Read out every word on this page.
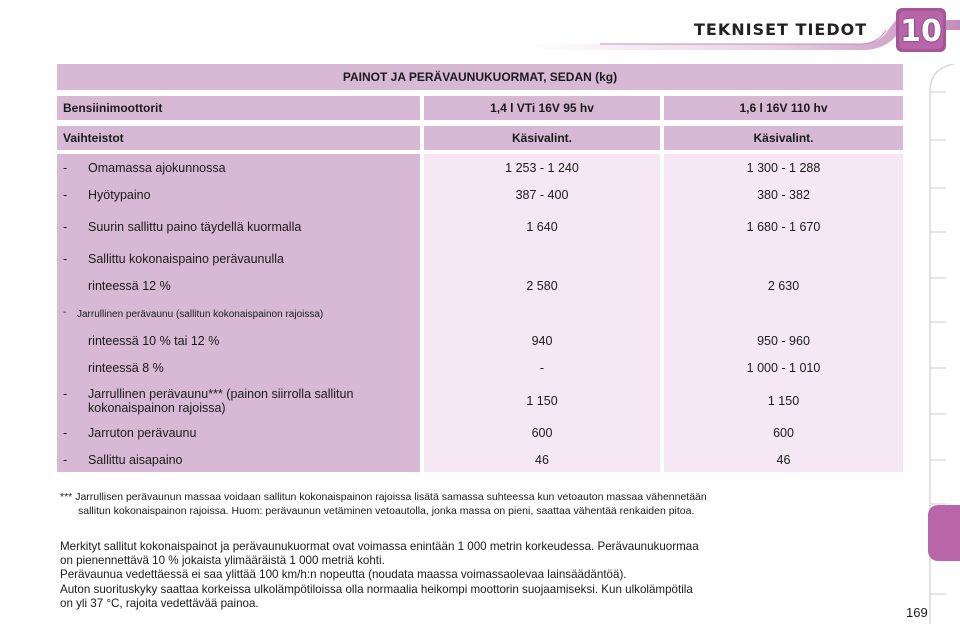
TEKNISET TIEDOT 10
PAINOT JA PERÄVAUNUKUORMAT, SEDAN (kg)
Bensiinimoottorit	1,4 l VTi 16V 95 hv	1,6 l 16V 110 hv
Vaihteistot	Käsivalint.	Käsivalint.
- Omamassa ajokunnossa	1 253 - 1 240	1 300 - 1 288
- Hyötypaino	387 - 400	380 - 382
- Suurin sallittu paino täydellä kuormalla	1 640	1 680 - 1 670
- Sallittu kokonaispaino perävaunulla
rinteessä 12 %	2 580	2 630
- Jarrullinen perävaunu (sallitun kokonaispainon rajoissa)
rinteessä 10 % tai 12 %	940	950 - 960
rinteessä 8 %	-	1 000 - 1 010
- Jarrullinen perävaunu*** (painon siirrolla sallitun
kokonaispainon rajoissa)	1 150	1 150
- Jarruton perävaunu	600	600
- Sallittu aisapaino	46	46
*** Jarrullisen perävaunun massaa voidaan sallitun kokonaispainon rajoissa lisätä samassa suhteessa kun vetoauton massaa vähennetään
sallitun kokonaispainon rajoissa. Huom: perävaunun vetäminen vetoautolla, jonka massa on pieni, saattaa vähentää renkaiden pitoa.
Merkityt sallitut kokonaispainot ja perävaunukuormat ovat voimassa enintään 1 000 metrin korkeudessa. Perävaunukuormaa
on pienennettävä 10 % jokaista ylimääräistä 1 000 metriä kohti.
Perävaunua vedettäessä ei saa ylittää 100 km/h:n nopeutta (noudata maassa voimassaolevaa lainsäädäntöä).
Auton suorituskyky saattaa korkeissa ulkolämpötiloissa olla normaalia heikompi moottorin suojaamiseksi. Kun ulkolämpötila
on yli 37 °C, rajoita vedettävää painoa.
169
